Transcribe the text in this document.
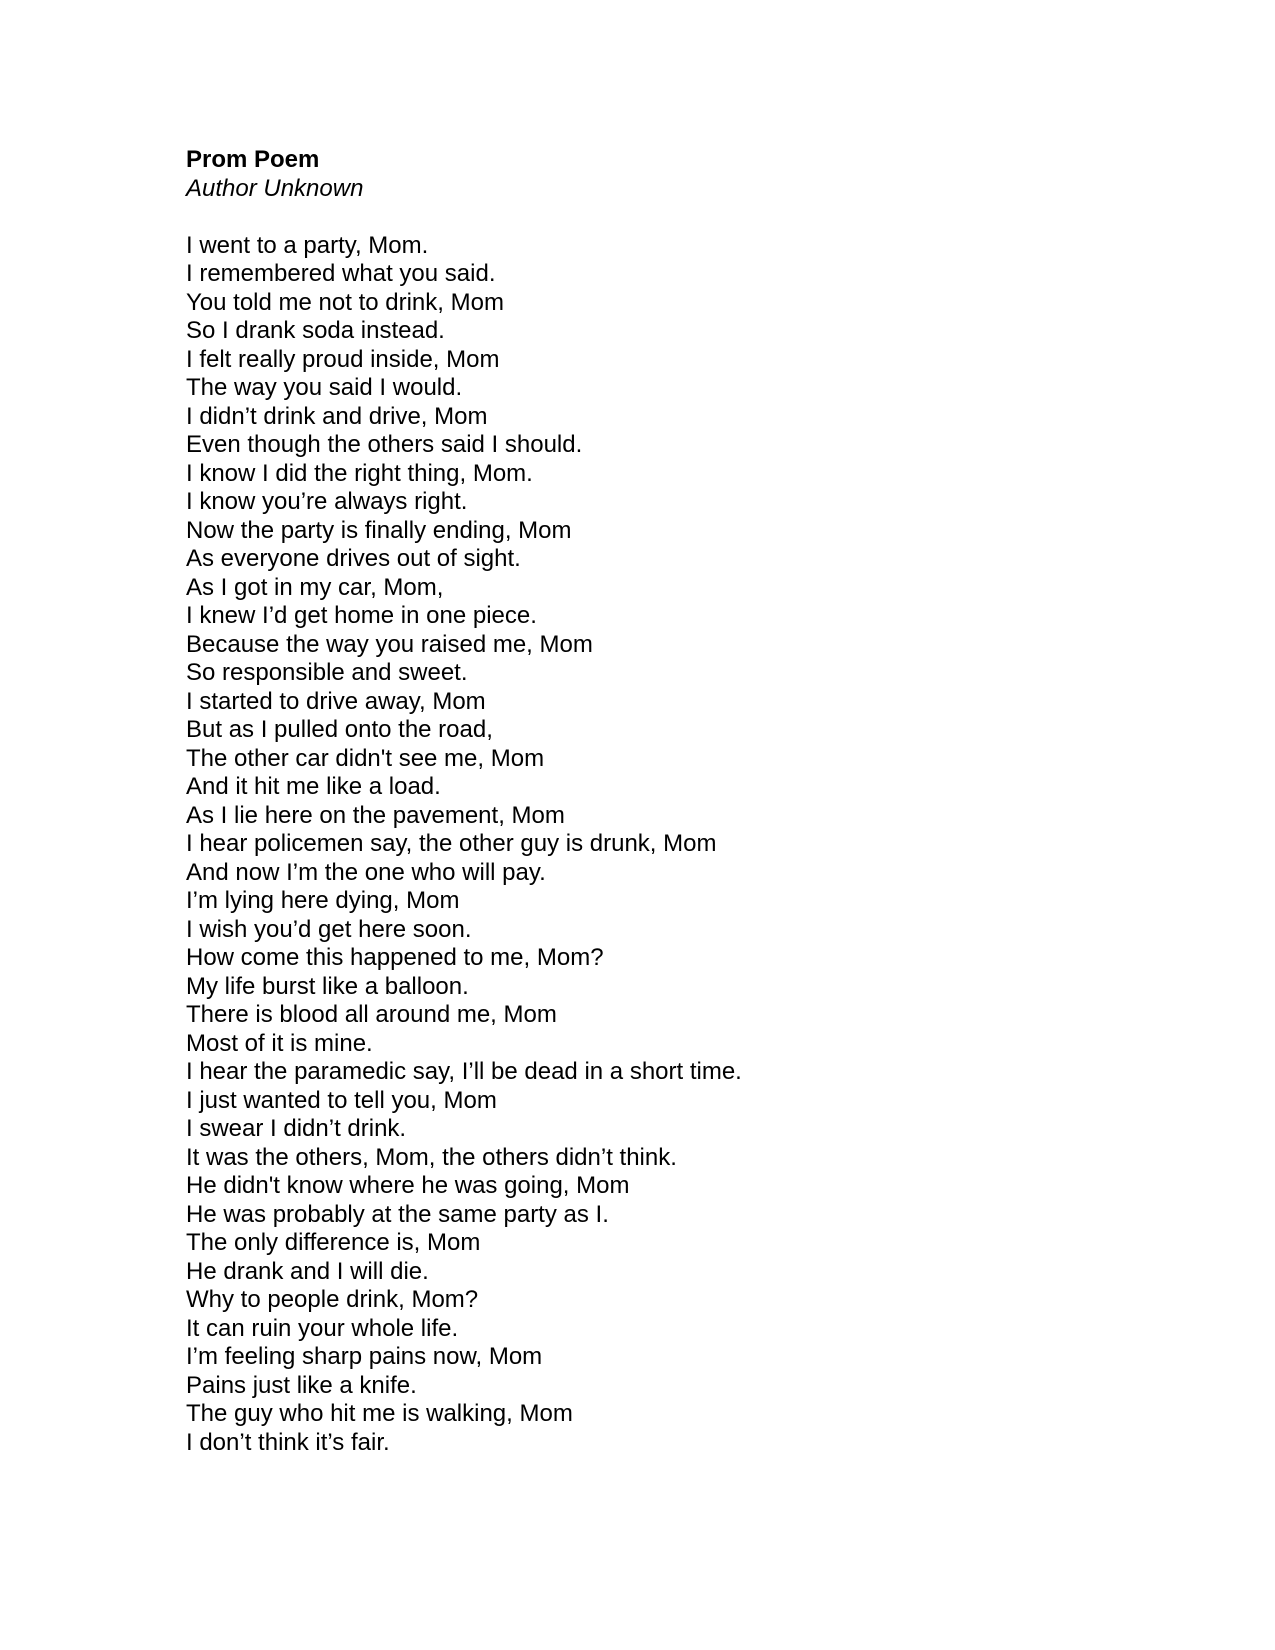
Prom Poem

Author Unknown

I went to a party, Mom.
I remembered what you said.
You told me not to drink, Mom
So I drank soda instead.
I felt really proud inside, Mom
The way you said I would.
I didn’t drink and drive, Mom
Even though the others said I should.
I know I did the right thing, Mom.
I know you’re always right.
Now the party is finally ending, Mom
As everyone drives out of sight.
As I got in my car, Mom,
I knew I’d get home in one piece.
Because the way you raised me, Mom
So responsible and sweet.
I started to drive away, Mom
But as I pulled onto the road,
The other car didn't see me, Mom
And it hit me like a load.
As I lie here on the pavement, Mom
I hear policemen say, the other guy is drunk, Mom
And now I’m the one who will pay.
I’m lying here dying, Mom
I wish you’d get here soon.
How come this happened to me, Mom?
My life burst like a balloon.
There is blood all around me, Mom
Most of it is mine.
I hear the paramedic say, I’ll be dead in a short time.
I just wanted to tell you, Mom
I swear I didn’t drink.
It was the others, Mom, the others didn’t think.
He didn't know where he was going, Mom
He was probably at the same party as I.
The only difference is, Mom
He drank and I will die.
Why to people drink, Mom?
It can ruin your whole life.
I’m feeling sharp pains now, Mom
Pains just like a knife.
The guy who hit me is walking, Mom
I don’t think it’s fair.
